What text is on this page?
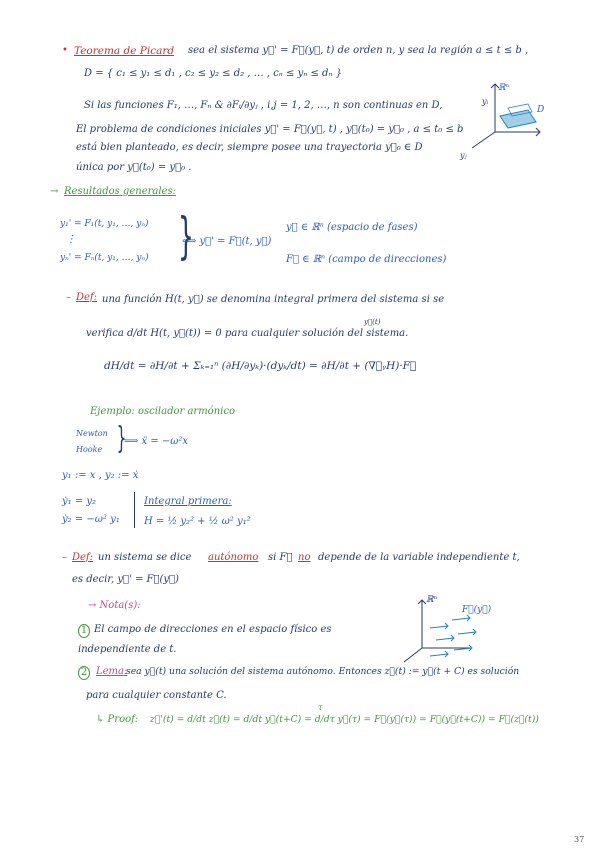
• Teorema de Picard sea el sistema y⃗' = F⃗(y⃗, t) de orden n, y sea la región a ≤ t ≤ b ,
D = { c₁ ≤ y₁ ≤ d₁ , c₂ ≤ y₂ ≤ d₂ , … , cₙ ≤ yₙ ≤ dₙ }
Si las funciones F₁, …, Fₙ & ∂Fᵢ/∂yⱼ , i,j = 1, 2, …, n son continuas en D,
El problema de condiciones iniciales y⃗' = F⃗(y⃗, t) , y⃗(t₀) = y⃗₀ , a ≤ t₀ ≤ b
está bien planteado, es decir, siempre posee una trayectoria y⃗₀ ∈ D
única por y⃗(t₀) = y⃗₀ .
ℝⁿ
yᵢ
yⱼ
D
→ Resultados generales:
y₁' = F₁(t, y₁, …, yₙ)
⋮
yₙ' = Fₙ(t, y₁, …, yₙ) }
⟺ y⃗' = F⃗(t, y⃗)
y⃗ ∈ ℝⁿ (espacio de fases)
F⃗ ∈ ℝⁿ (campo de direcciones)
– Def: una función H(t, y⃗) se denomina integral primera del sistema si se
y⃗(t)
verifica d/dt H(t, y⃗(t)) = 0 para cualquier solución del sistema.
dH/dt = ∂H/∂t + Σₖ₌₁ⁿ (∂H/∂yₖ)·(dyₖ/dt) = ∂H/∂t + (∇⃗ᵧH)·F⃗
Ejemplo: oscilador armónico
Newton
Hooke }
⟹ ẍ = −ω²x
y₁ := x , y₂ := ẋ
ẏ₁ = y₂
ẏ₂ = −ω² y₁
Integral primera:
H = ½ y₂² + ½ ω² y₁²
– Def: un sistema se dice autónomo si F⃗ no depende de la variable independiente t,
es decir, y⃗' = F⃗(y⃗)
→ Nota(s):
1 El campo de direcciones en el espacio físico es
independiente de t.
ℝⁿ
F⃗(y⃗)
2 Lema:
sea y⃗(t) una solución del sistema autónomo. Entonces z⃗(t) := y⃗(t + C) es solución
para cualquier constante C.
τ
↳ Proof: z⃗'(t) = d/dt z⃗(t) = d/dt y⃗(t+C) = d/dτ y⃗(τ) = F⃗(y⃗(τ)) = F⃗(y⃗(t+C)) = F⃗(z⃗(t))
37
